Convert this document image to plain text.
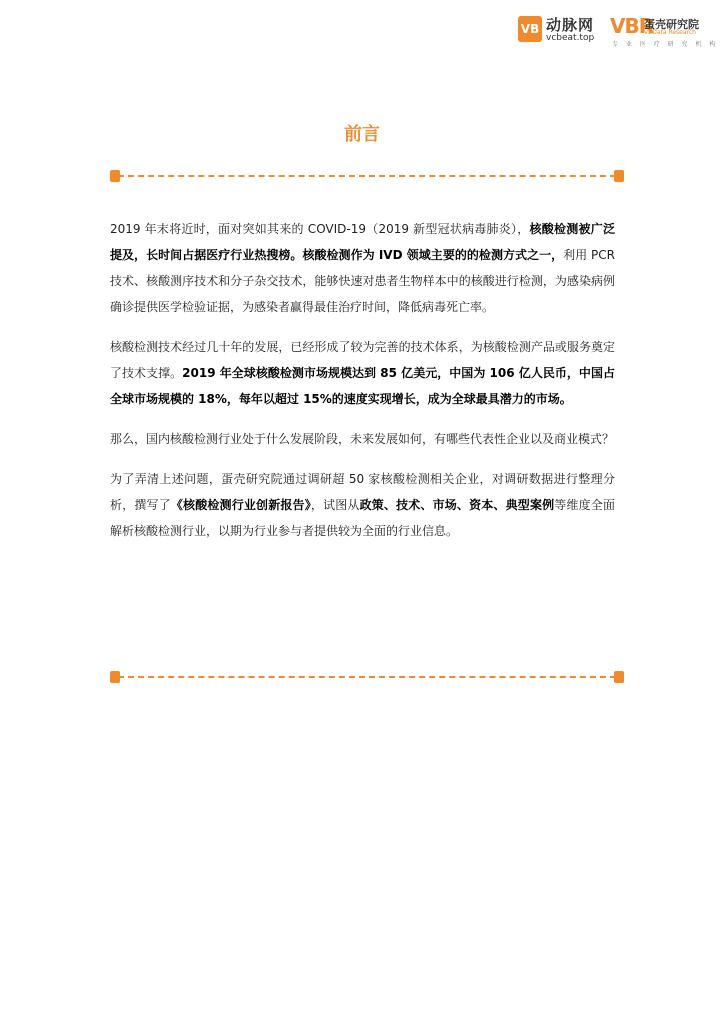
VB 动脉网
vcbeat.top VBR
蛋壳研究院
VBData Research
专 业 医 疗 研 究 机 构
前言

2019 年末将近时，面对突如其来的 COVID-19（2019 新型冠状病毒肺炎），核酸检测被广泛提及，长时间占据医疗行业热搜榜。核酸检测作为 IVD 领域主要的的检测方式之一，利用 PCR 技术、核酸测序技术和分子杂交技术，能够快速对患者生物样本中的核酸进行检测，为感染病例确诊提供医学检验证据，为感染者赢得最佳治疗时间，降低病毒死亡率。

核酸检测技术经过几十年的发展，已经形成了较为完善的技术体系，为核酸检测产品或服务奠定了技术支撑。2019 年全球核酸检测市场规模达到 85 亿美元，中国为 106 亿人民币，中国占全球市场规模的 18%，每年以超过 15%的速度实现增长，成为全球最具潜力的市场。

那么，国内核酸检测行业处于什么发展阶段，未来发展如何，有哪些代表性企业以及商业模式？

为了弄清上述问题，蛋壳研究院通过调研超 50 家核酸检测相关企业，对调研数据进行整理分析，撰写了《核酸检测行业创新报告》，试图从政策、技术、市场、资本、典型案例等维度全面解析核酸检测行业，以期为行业参与者提供较为全面的行业信息。
